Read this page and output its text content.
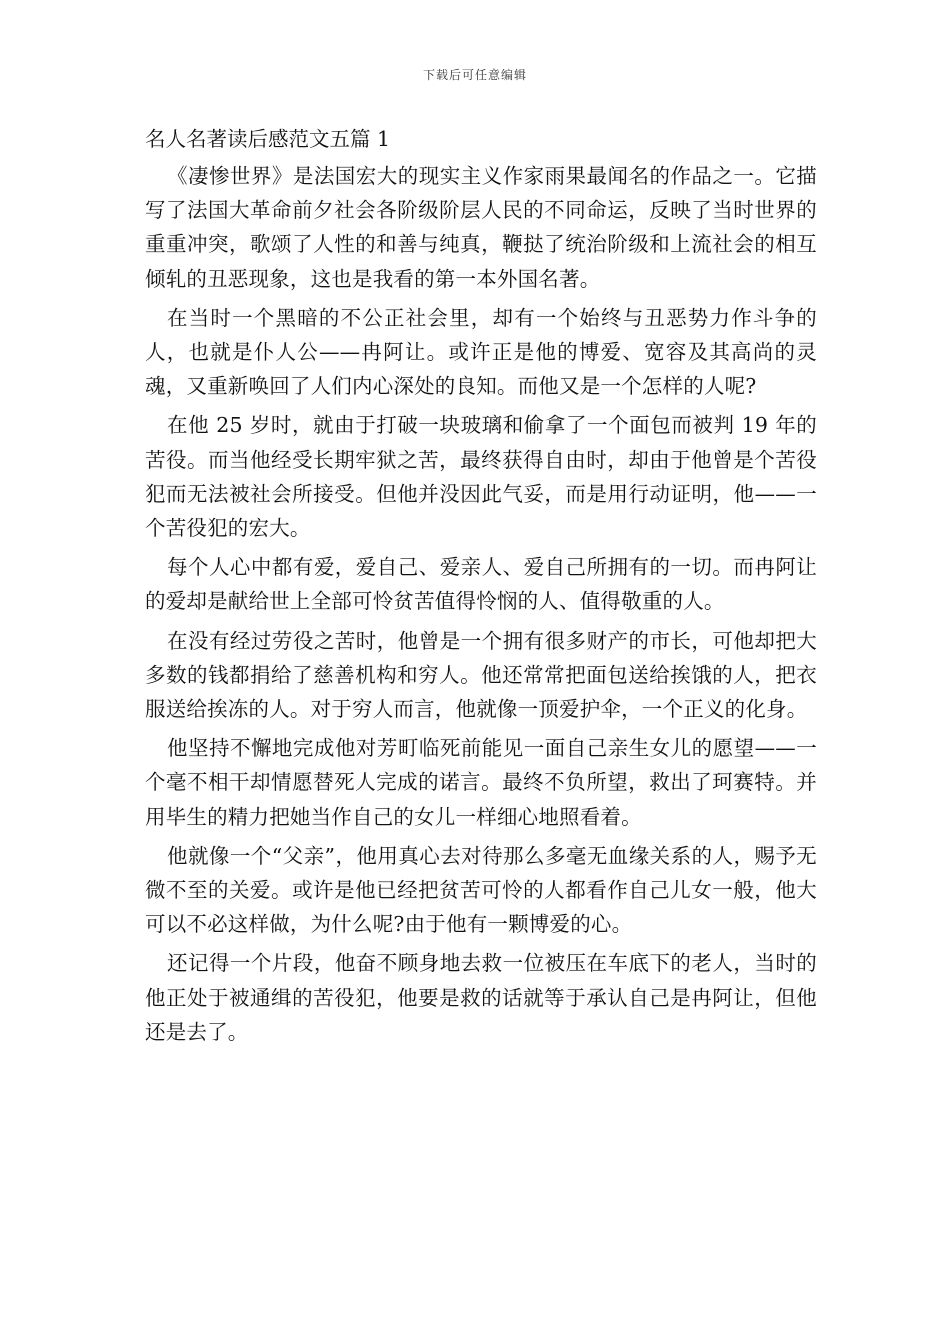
下载后可任意编辑
名人名著读后感范文五篇 1

《凄惨世界》是法国宏大的现实主义作家雨果最闻名的作品之一。它描写了法国大革命前夕社会各阶级阶层人民的不同命运，反映了当时世界的重重冲突，歌颂了人性的和善与纯真，鞭挞了统治阶级和上流社会的相互倾轧的丑恶现象，这也是我看的第一本外国名著。

在当时一个黑暗的不公正社会里，却有一个始终与丑恶势力作斗争的人，也就是仆人公——冉阿让。或许正是他的博爱、宽容及其高尚的灵魂，又重新唤回了人们内心深处的良知。而他又是一个怎样的人呢?

在他 25 岁时，就由于打破一块玻璃和偷拿了一个面包而被判 19 年的苦役。而当他经受长期牢狱之苦，最终获得自由时，却由于他曾是个苦役犯而无法被社会所接受。但他并没因此气妥，而是用行动证明，他——一个苦役犯的宏大。

每个人心中都有爱，爱自己、爱亲人、爱自己所拥有的一切。而冉阿让的爱却是献给世上全部可怜贫苦值得怜悯的人、值得敬重的人。

在没有经过劳役之苦时，他曾是一个拥有很多财产的市长，可他却把大多数的钱都捐给了慈善机构和穷人。他还常常把面包送给挨饿的人，把衣服送给挨冻的人。对于穷人而言，他就像一顶爱护伞，一个正义的化身。

他坚持不懈地完成他对芳町临死前能见一面自己亲生女儿的愿望——一个毫不相干却情愿替死人完成的诺言。最终不负所望，救出了珂赛特。并用毕生的精力把她当作自己的女儿一样细心地照看着。

他就像一个“父亲”，他用真心去对待那么多毫无血缘关系的人，赐予无微不至的关爱。或许是他已经把贫苦可怜的人都看作自己儿女一般，他大可以不必这样做，为什么呢?由于他有一颗博爱的心。

还记得一个片段，他奋不顾身地去救一位被压在车底下的老人，当时的他正处于被通缉的苦役犯，他要是救的话就等于承认自己是冉阿让，但他还是去了。
